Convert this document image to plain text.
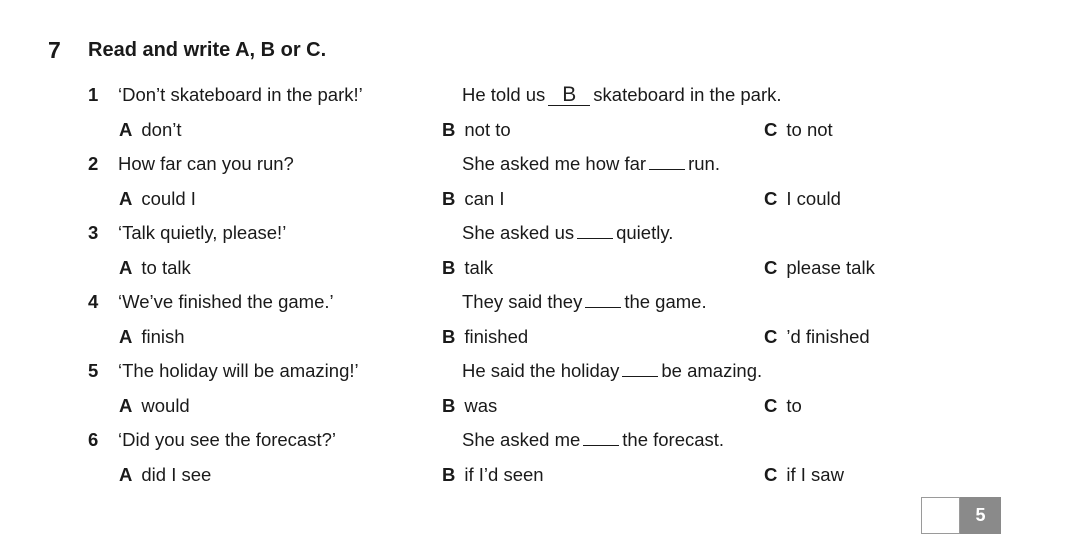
7 Read and write A, B or C.
1 ‘Don’t skateboard in the park!’	He told us B skateboard in the park.
A don’t	B not to	C to not
2 How far can you run?	She asked me how far run.
A could I	B can I	C I could
3 ‘Talk quietly, please!’	She asked us quietly.
A to talk	B talk	C please talk
4 ‘We’ve finished the game.’	They said they the game.
A finish	B finished	C ’d finished
5 ‘The holiday will be amazing!’	He said the holiday be amazing.
A would	B was	C to
6 ‘Did you see the forecast?’	She asked me the forecast.
A did I see	B if I’d seen	C if I saw
5
